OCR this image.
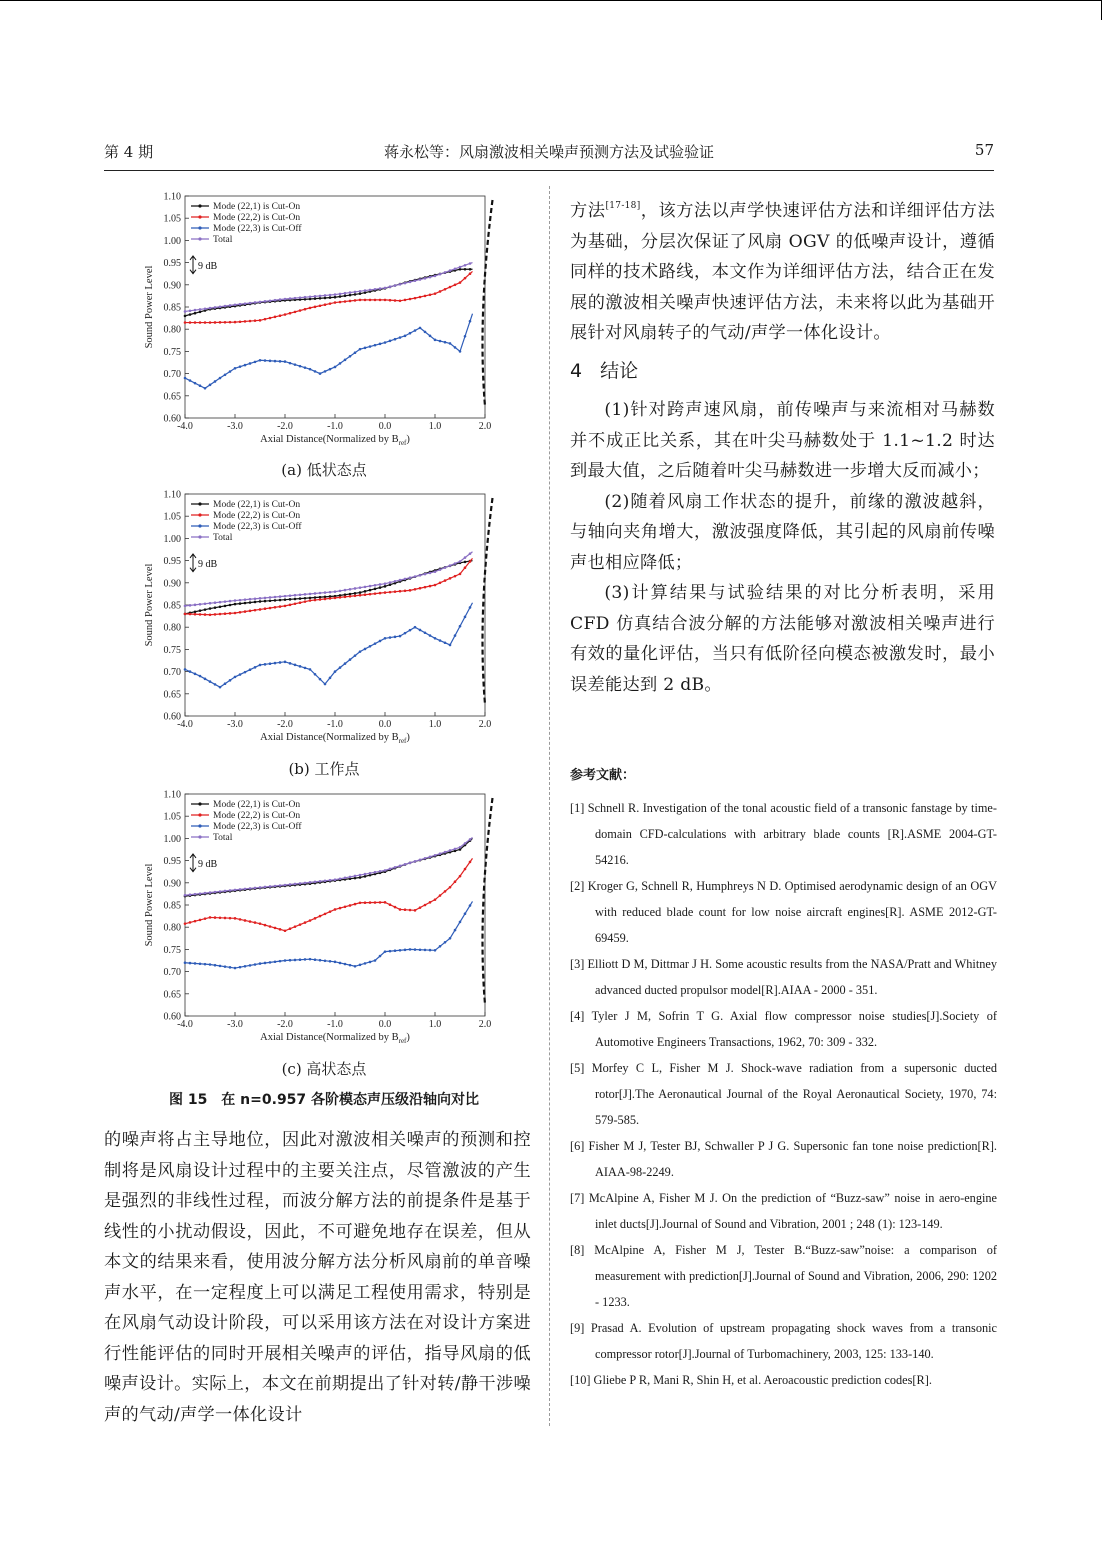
第 4 期	蒋永松等：风扇激波相关噪声预测方法及试验验证	57
0.60
0.65
0.70
0.75
0.80
0.85
0.90
0.95
1.00
1.05
1.10
-4.0	-3.0	-2.0	-1.0	0.0	1.0	2.0
Axial Distance(Normalized by $B_{ref}$)
Sound Power Level	9 dB
Mode (22,1) is Cut-On
Mode (22,2) is Cut-On
Mode (22,3) is Cut-Off
Total
(a) 低状态点
0.60
0.65
0.70
0.75
0.80
0.85
0.90
0.95
1.00
1.05
1.10
-4.0	-3.0	-2.0	-1.0	0.0	1.0	2.0
Axial Distance(Normalized by $B_{ref}$)
Sound Power Level	9 dB
Mode (22,1) is Cut-On
Mode (22,2) is Cut-On
Mode (22,3) is Cut-Off
Total
(b) 工作点
0.60
0.65
0.70
0.75
0.80
0.85
0.90
0.95
1.00
1.05
1.10
-4.0	-3.0	-2.0	-1.0	0.0	1.0	2.0
Axial Distance(Normalized by $B_{ref}$)
Sound Power Level	9 dB
Mode (22,1) is Cut-On
Mode (22,2) is Cut-On
Mode (22,3) is Cut-Off
Total
(c) 高状态点
图 15　在 n=0.957 各阶模态声压级沿轴向对比
的噪声将占主导地位，因此对激波相关噪声的预测和控制将是风扇设计过程中的主要关注点，尽管激波的产生是强烈的非线性过程，而波分解方法的前提条件是基于线性的小扰动假设，因此，不可避免地存在误差，但从本文的结果来看，使用波分解方法分析风扇前的单音噪声水平，在一定程度上可以满足工程使用需求，特别是在风扇气动设计阶段，可以采用该方法在对设计方案进行性能评估的同时开展相关噪声的评估，指导风扇的低噪声设计。实际上，本文在前期提出了针对转/静干涉噪声的气动/声学一体化设计
方法[17-18]，该方法以声学快速评估方法和详细评估方法为基础，分层次保证了风扇 OGV 的低噪声设计，遵循同样的技术路线，本文作为详细评估方法，结合正在发展的激波相关噪声快速评估方法，未来将以此为基础开展针对风扇转子的气动/声学一体化设计。
4 结论

(1)针对跨声速风扇，前传噪声与来流相对马赫数并不成正比关系，其在叶尖马赫数处于 1.1~1.2 时达到最大值，之后随着叶尖马赫数进一步增大反而减小；

(2)随着风扇工作状态的提升，前缘的激波越斜，与轴向夹角增大，激波强度降低，其引起的风扇前传噪声也相应降低；

(3)计算结果与试验结果的对比分析表明，采用 CFD 仿真结合波分解的方法能够对激波相关噪声进行有效的量化评估，当只有低阶径向模态被激发时，最小误差能达到 2 dB。

参考文献：
[1] Schnell R. Investigation of the tonal acoustic field of a transonic fanstage by time-domain CFD-calculations with arbitrary blade counts [R].ASME 2004-GT-54216.
[2] Kroger G, Schnell R, Humphreys N D. Optimised aerodynamic design of an OGV with reduced blade count for low noise aircraft engines[R]. ASME 2012-GT-69459.
[3] Elliott D M, Dittmar J H. Some acoustic results from the NASA/Pratt and Whitney advanced ducted propulsor model[R].AIAA - 2000 - 351.
[4] Tyler J M, Sofrin T G. Axial flow compressor noise studies[J].Society of Automotive Engineers Transactions, 1962, 70: 309 - 332.
[5] Morfey C L, Fisher M J. Shock-wave radiation from a supersonic ducted rotor[J].The Aeronautical Journal of the Royal Aeronautical Society, 1970, 74: 579-585.
[6] Fisher M J, Tester BJ, Schwaller P J G. Supersonic fan tone noise prediction[R]. AIAA-98-2249.
[7] McAlpine A, Fisher M J. On the prediction of “Buzz-saw” noise in aero-engine inlet ducts[J].Journal of Sound and Vibration, 2001 ; 248 (1): 123-149.
[8] McAlpine A, Fisher M J, Tester B.“Buzz-saw”noise: a comparison of measurement with prediction[J].Journal of Sound and Vibration, 2006, 290: 1202 - 1233.
[9] Prasad A. Evolution of upstream propagating shock waves from a transonic compressor rotor[J].Journal of Turbomachinery, 2003, 125: 133-140.
[10] Gliebe P R, Mani R, Shin H, et al. Aeroacoustic prediction codes[R].
